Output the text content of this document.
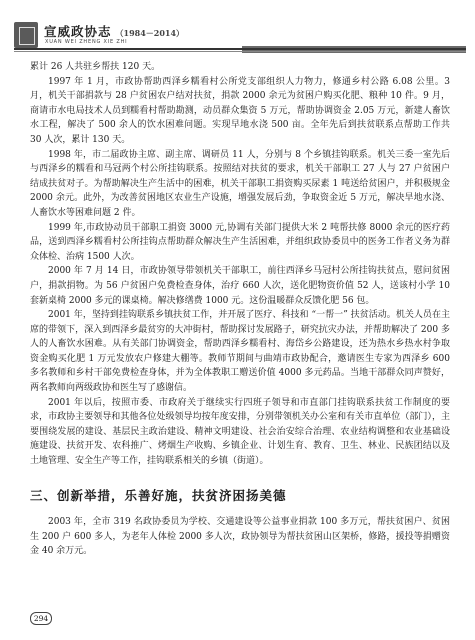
宣威政协志 （1984－2014）
XUAN WEI ZHENG XIE ZHI

累计 26 人共驻乡帮扶 120 天。

1997 年 1 月，市政协帮助西泽乡糯看村公所党支部组织人力物力，修通乡村公路 6.08 公里。3 月，机关干部捐款与 28 户贫困农户结对扶贫，捐款 2000 余元为贫困户购买化肥、粮种 10 件。9 月，商请市水电局技术人员到糯看村帮助勘测，动员群众集资 5 万元，帮助协调资金 2.05 万元，新建人畜饮水工程，解决了 500 余人的饮水困难问题。实现早地水浇 500 亩。全年先后到扶贫联系点帮助工作共 30 人次，累计 130 天。

1998 年，市二届政协主席、副主席、调研员 11 人，分别与 8 个乡镇挂钩联系。机关三委一室先后与西泽乡的糯看和马冠两个村公所挂钩联系。按照结对扶贫的要求，机关干部职工 27 人与 27 户贫困户结成扶贫对子。为帮助解决生产生活中的困难，机关干部职工捐资购买尿素 1 吨送给贫困户，并积极规金 2000 余元。此外，为改善贫困地区农业生产设施，增强发展后劲，争取资金近 5 万元，解决旱地水浇、人畜饮水等困难问题 2 件。

1999 年,市政协动员干部职工捐资 3000 元,协调有关部门提供大米 2 吨帮扶修 8000 余元的医疗药品，送到西泽乡糯看村公所挂钩点帮助群众解决生产生活困难，并组织政协委员中的医务工作者义务为群众体检、治病 1500 人次。

2000 年 7 月 14 日，市政协领导带领机关干部职工，前往西泽乡马冠村公所挂钩扶贫点，慰问贫困户，捐款捐物。为 56 户贫困户免费检查身体，治疗 660 人次，送化肥物资价值 52 人，送该村小学 10 套新桌椅 2000 多元的课桌椅。解决修缮费 1000 元。这份温暖群众反馈化肥 56 包。

2001 年，坚持到挂钩联系乡镇扶贫工作，并开展了医疗、科技和 “一帮一” 扶贫活动。机关人员在主席的带领下，深入到西泽乡最贫穷的大冲街村，帮助探讨发展路子，研究抗灾办法，并帮助解决了 200 多人的人畜饮水困难。从有关部门协调资金，帮助西泽乡糯看村、海岱乡公路建设，还为热水乡热水村争取资金购买化肥 1 万元发放农户修建大棚等。教师节期间与曲靖市政协配合，邀请医生专家为西泽乡 600 多名教师和乡村干部免费检查身体，并为全体教职工赠送价值 4000 多元药品。当地干部群众同声赞好，两名教师向两级政协和医生写了感谢信。

2001 年以后，按照市委、市政府关于继续实行四班子领导和市直部门挂钩联系扶贫工作制度的要求，市政协主要领导和其他各位处级领导均按年度安排，分别带领机关办公室和有关市直单位（部门），主要围绕发展的建设、基层民主政治建设、精神文明建设、社会治安综合治理、农业结构调整和农业基础设施建设、扶贫开发、农科推广、烤烟生产收购、乡镇企业、计划生育、教育、卫生、林业、民族团结以及土地管理、安全生产等工作，挂钩联系相关的乡镇（街道）。

三、创新举措，乐善好施，扶贫济困扬美德

2003 年，全市 319 名政协委员为学校、交通建设等公益事业捐款 100 多万元，帮扶贫困户、贫困生 200 户 600 多人，为老年人体检 2000 多人次，政协领导为帮扶贫困山区架桥，修路，援投等捐赠资金 40 余万元。

294
